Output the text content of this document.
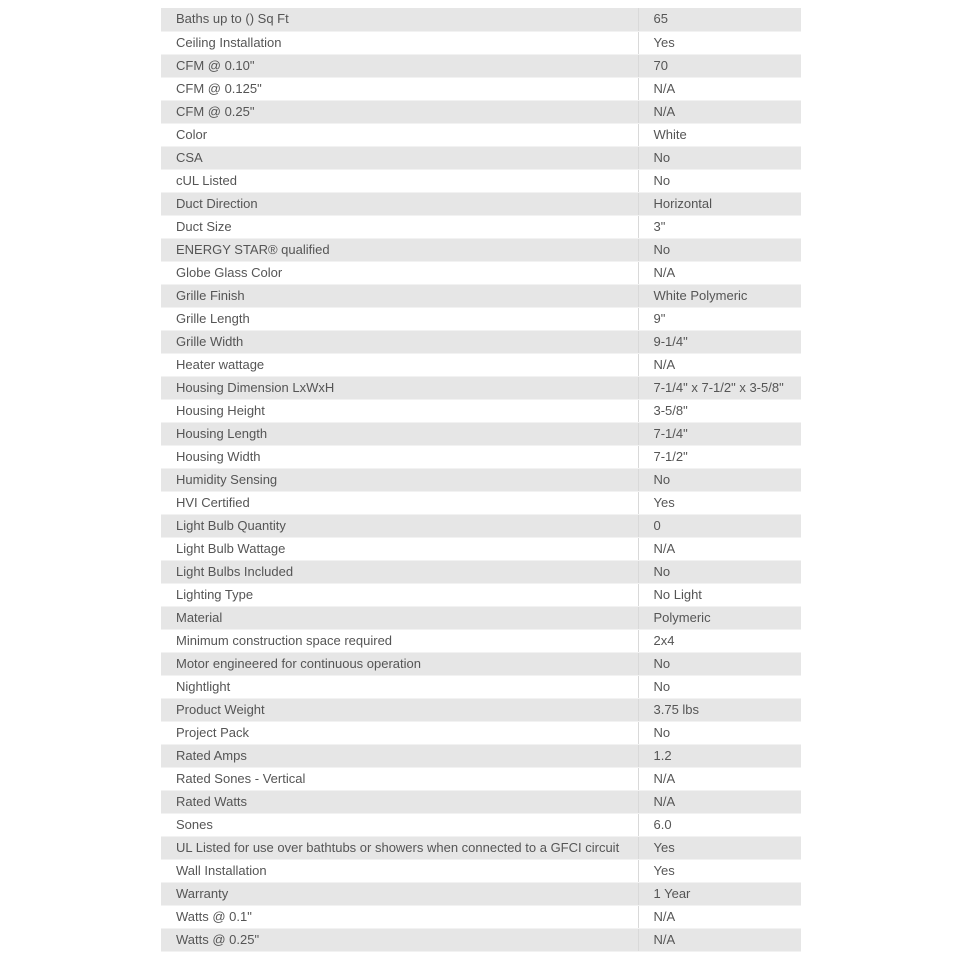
Baths up to () Sq Ft	65
Ceiling Installation	Yes
CFM @ 0.10"	70
CFM @ 0.125"	N/A
CFM @ 0.25"	N/A
Color	White
CSA	No
cUL Listed	No
Duct Direction	Horizontal
Duct Size	3"
ENERGY STAR® qualified	No
Globe Glass Color	N/A
Grille Finish	White Polymeric
Grille Length	9"
Grille Width	9-1/4"
Heater wattage	N/A
Housing Dimension LxWxH	7-1/4" x 7-1/2" x 3-5/8"
Housing Height	3-5/8"
Housing Length	7-1/4"
Housing Width	7-1/2"
Humidity Sensing	No
HVI Certified	Yes
Light Bulb Quantity	0
Light Bulb Wattage	N/A
Light Bulbs Included	No
Lighting Type	No Light
Material	Polymeric
Minimum construction space required	2x4
Motor engineered for continuous operation	No
Nightlight	No
Product Weight	3.75 lbs
Project Pack	No
Rated Amps	1.2
Rated Sones - Vertical	N/A
Rated Watts	N/A
Sones	6.0
UL Listed for use over bathtubs or showers when connected to a GFCI circuit	Yes
Wall Installation	Yes
Warranty	1 Year
Watts @ 0.1"	N/A
Watts @ 0.25"	N/A
